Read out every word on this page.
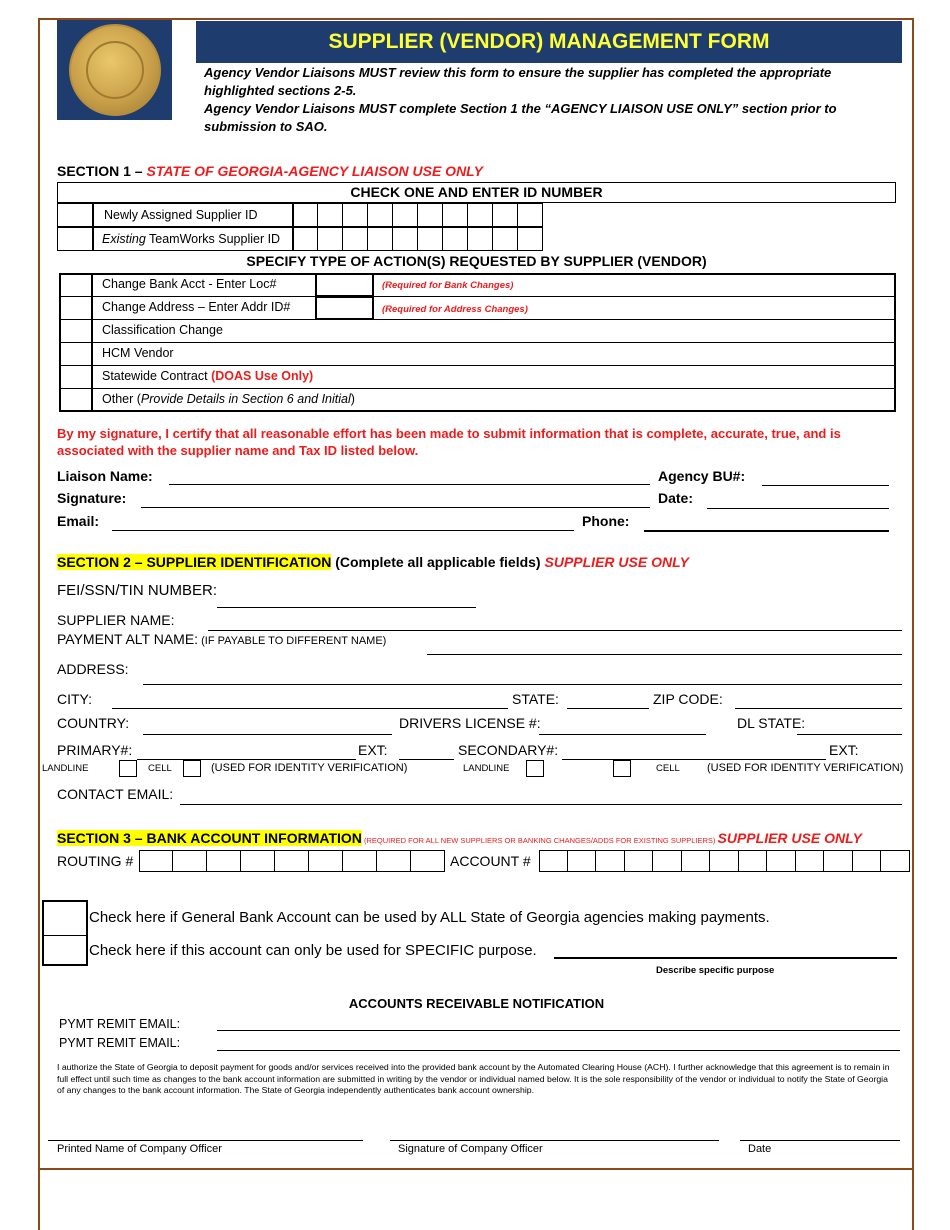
SUPPLIER (VENDOR) MANAGEMENT FORM
Agency Vendor Liaisons MUST review this form to ensure the supplier has completed the appropriate
highlighted sections 2-5.
Agency Vendor Liaisons MUST complete Section 1 the “AGENCY LIAISON USE ONLY” section prior to
submission to SAO.
SECTION 1 – STATE OF GEORGIA-AGENCY LIAISON USE ONLY
CHECK ONE AND ENTER ID NUMBER
Newly Assigned Supplier ID
Existing TeamWorks Supplier ID
SPECIFY TYPE OF ACTION(S) REQUESTED BY SUPPLIER (VENDOR)
Change Bank Acct - Enter Loc#	(Required for Bank Changes)
Change Address – Enter Addr ID#	(Required for Address Changes)
Classification Change
HCM Vendor
Statewide Contract (DOAS Use Only)
Other (Provide Details in Section 6 and Initial)
By my signature, I certify that all reasonable effort has been made to submit information that is complete, accurate, true, and is
associated with the supplier name and Tax ID listed below.
Liaison Name:	Agency BU#:
Signature:	Date:
Email:	Phone:
SECTION 2 – SUPPLIER IDENTIFICATION (Complete all applicable fields) SUPPLIER USE ONLY
FEI/SSN/TIN NUMBER:
SUPPLIER NAME:
PAYMENT ALT NAME: (IF PAYABLE TO DIFFERENT NAME)
ADDRESS:
CITY:	STATE:	ZIP CODE:
COUNTRY:	DRIVERS LICENSE #:	DL STATE:
PRIMARY#:	EXT:	SECONDARY#:	EXT:
LANDLINE	CELL	(USED FOR IDENTITY VERIFICATION)	LANDLINE	CELL (USED FOR IDENTITY VERIFICATION)
CONTACT EMAIL:
SECTION 3 – BANK ACCOUNT INFORMATION (REQUIRED FOR ALL NEW SUPPLIERS OR BANKING CHANGES/ADDS FOR EXISTING SUPPLIERS) SUPPLIER USE ONLY
ROUTING #	ACCOUNT #
Check here if General Bank Account can be used by ALL State of Georgia agencies making payments.
Check here if this account can only be used for SPECIFIC purpose.
Describe specific purpose
ACCOUNTS RECEIVABLE NOTIFICATION
PYMT REMIT EMAIL:
PYMT REMIT EMAIL:
I authorize the State of Georgia to deposit payment for goods and/or services received into the provided bank account by the Automated Clearing House (ACH). I further acknowledge that this agreement is to remain in full effect until such time as changes to the bank account information are submitted in writing by the vendor or individual named below. It is the sole responsibility of the vendor or individual to notify the State of Georgia of any changes to the bank account information. The State of Georgia independently authenticates bank account ownership.
Printed Name of Company Officer	Signature of Company Officer	Date
